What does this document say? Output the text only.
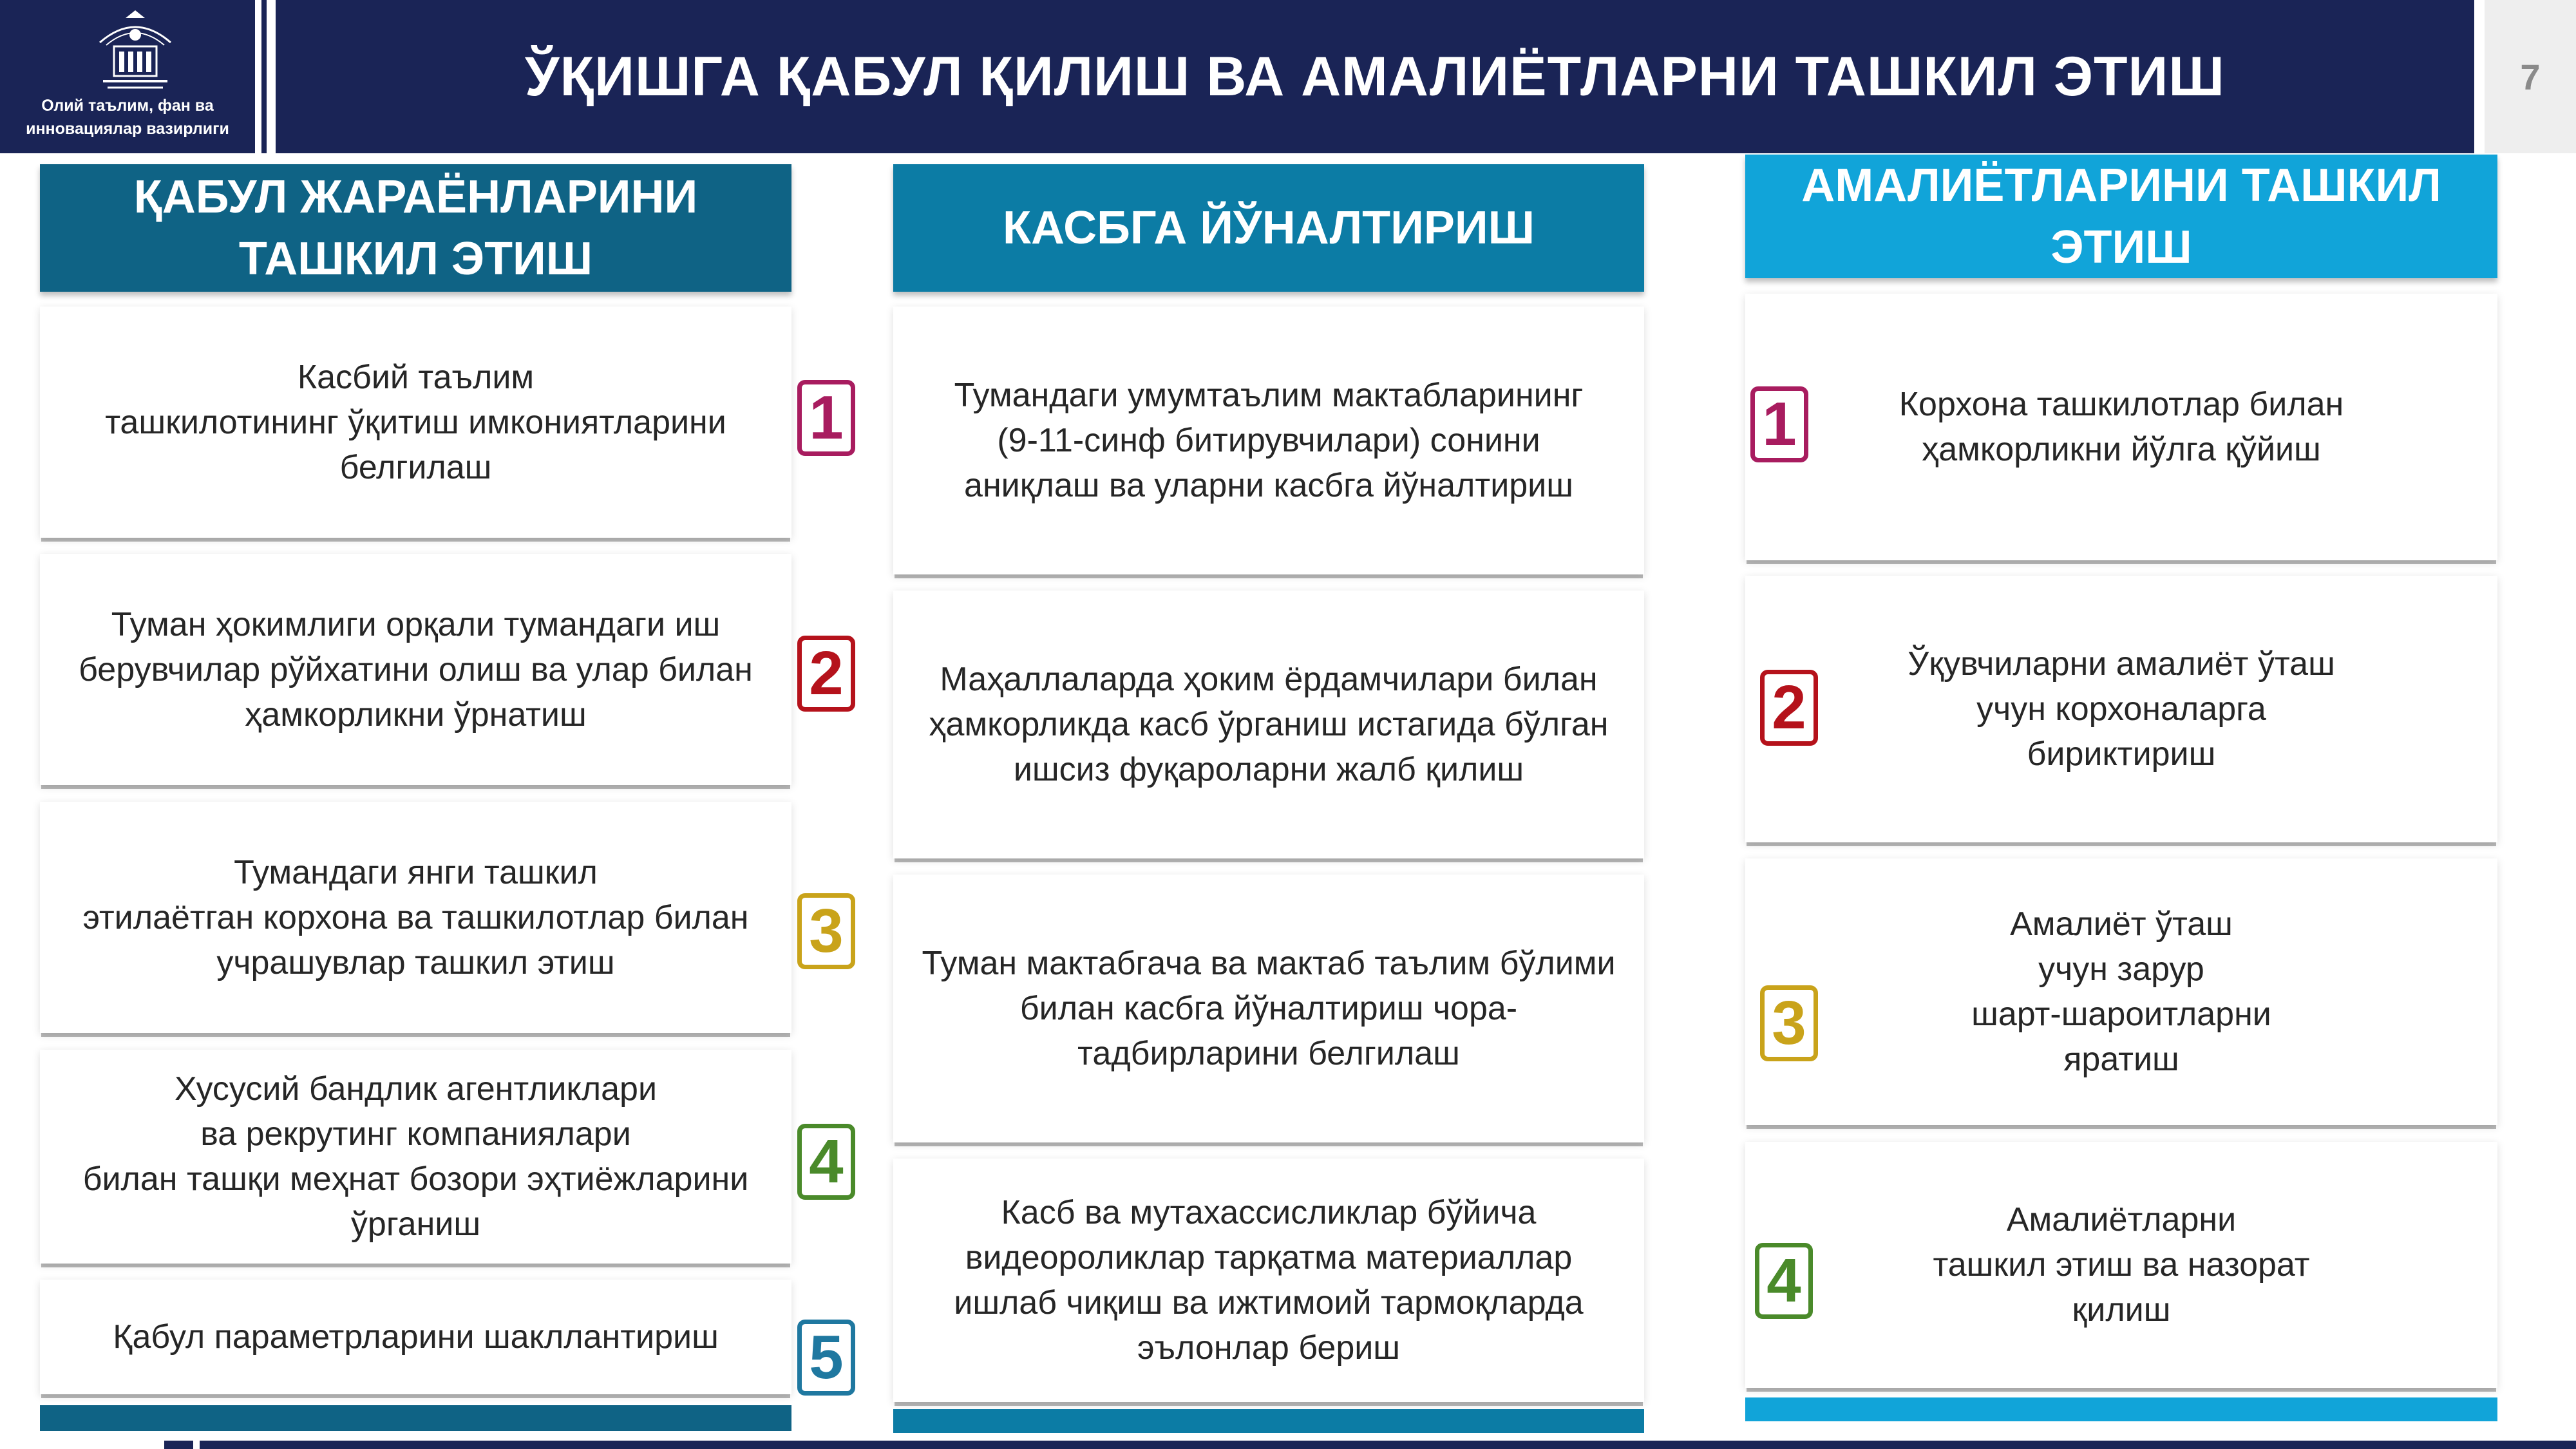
Олий таълим, фан ва инновациялар вазирлиги
ЎҚИШГА ҚАБУЛ ҚИЛИШ ВА АМАЛИЁТЛАРНИ ТАШКИЛ ЭТИШ	7
ҚАБУЛ ЖАРАЁНЛАРИНИ
ТАШКИЛ ЭТИШ
Касбий таълим
ташкилотининг ўқитиш имкониятларини
белгилаш
Туман ҳокимлиги орқали тумандаги иш
берувчилар рўйхатини олиш ва улар билан
ҳамкорликни ўрнатиш
Тумандаги янги ташкил
этилаётган корхона ва ташкилотлар билан
учрашувлар ташкил этиш
Хусусий бандлик агентликлари
ва рекрутинг компаниялари
билан ташқи меҳнат бозори эҳтиёжларини
ўрганиш
Қабул параметрларини шакллантириш
1
2
3
4
5
КАСБГА ЙЎНАЛТИРИШ
Тумандаги умумтаълим мактабларининг
(9-11-синф битирувчилари) сонини
аниқлаш ва уларни касбга йўналтириш
Маҳаллаларда ҳоким ёрдамчилари билан
ҳамкорликда касб ўрганиш истагида бўлган
ишсиз фуқароларни жалб қилиш
Туман мактабгача ва мактаб таълим бўлими
билан касбга йўналтириш чора-
тадбирларини белгилаш
Касб ва мутахассисликлар бўйича
видеороликлар тарқатма материаллар
ишлаб чиқиш ва ижтимоий тармоқларда
эълонлар бериш
АМАЛИЁТЛАРИНИ ТАШКИЛ
ЭТИШ
Корхона ташкилотлар билан
ҳамкорликни йўлга қўйиш
Ўқувчиларни амалиёт ўташ
учун корхоналарга
бириктириш
Амалиёт ўташ
учун зарур
шарт-шароитларни
яратиш
Амалиётларни
ташкил этиш ва назорат
қилиш
1
2
3
4
